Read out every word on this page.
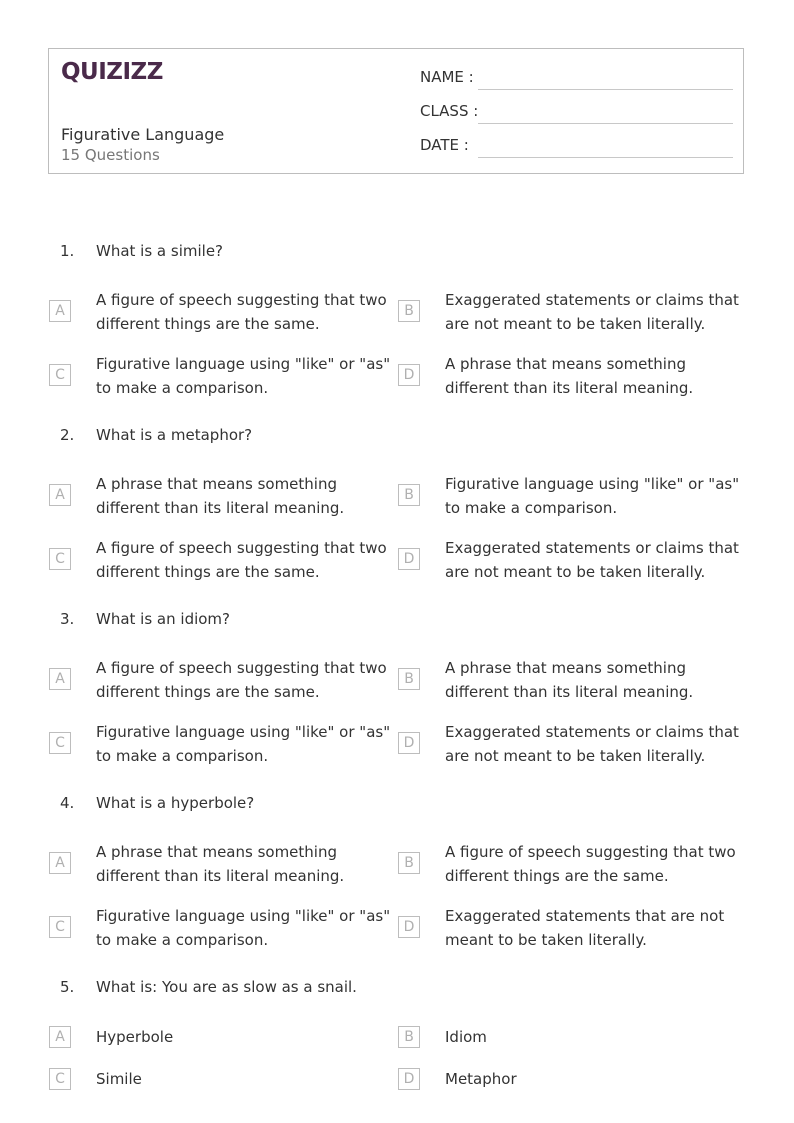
QUIZIZZ
Figurative Language
15 Questions
NAME :
CLASS :
DATE :
1. What is a simile?
A
A figure of speech suggesting that two different things are the same.
B
Exaggerated statements or claims that are not meant to be taken literally.
C
Figurative language using "like" or "as" to make a comparison.
D
A phrase that means something different than its literal meaning.
2. What is a metaphor?
A
A phrase that means something different than its literal meaning.
B
Figurative language using "like" or "as" to make a comparison.
C
A figure of speech suggesting that two different things are the same.
D
Exaggerated statements or claims that are not meant to be taken literally.
3. What is an idiom?
A
A figure of speech suggesting that two different things are the same.
B
A phrase that means something different than its literal meaning.
C
Figurative language using "like" or "as" to make a comparison.
D
Exaggerated statements or claims that are not meant to be taken literally.
4. What is a hyperbole?
A
A phrase that means something different than its literal meaning.
B
A figure of speech suggesting that two different things are the same.
C
Figurative language using "like" or "as" to make a comparison.
D
Exaggerated statements that are not meant to be taken literally.
5. What is: You are as slow as a snail.
A	Hyperbole	B	Idiom
C	Simile	D	Metaphor
